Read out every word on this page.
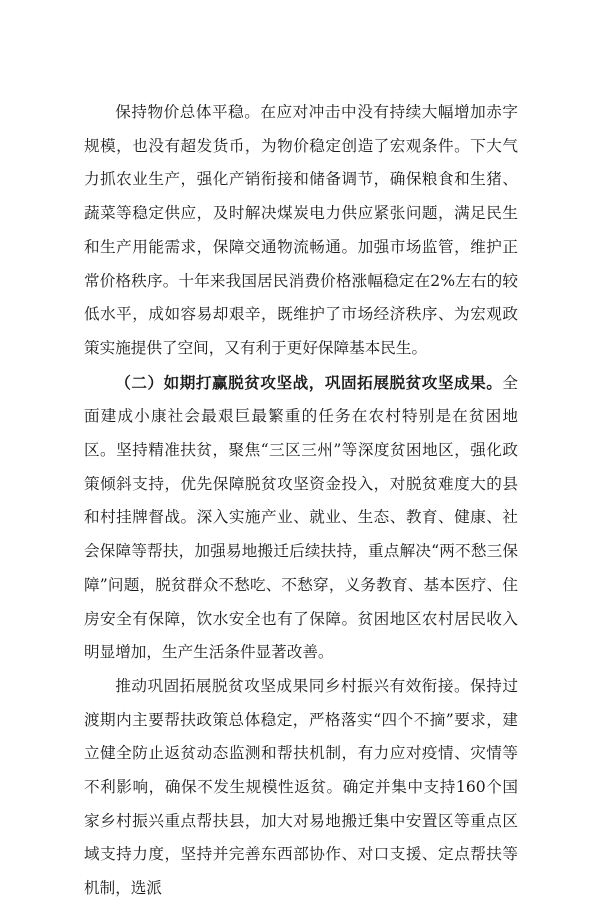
保持物价总体平稳。在应对冲击中没有持续大幅增加赤字规模，也没有超发货币，为物价稳定创造了宏观条件。下大气力抓农业生产，强化产销衔接和储备调节，确保粮食和生猪、蔬菜等稳定供应，及时解决煤炭电力供应紧张问题，满足民生和生产用能需求，保障交通物流畅通。加强市场监管，维护正常价格秩序。十年来我国居民消费价格涨幅稳定在2%左右的较低水平，成如容易却艰辛，既维护了市场经济秩序、为宏观政策实施提供了空间，又有利于更好保障基本民生。

（二）如期打赢脱贫攻坚战，巩固拓展脱贫攻坚成果。全面建成小康社会最艰巨最繁重的任务在农村特别是在贫困地区。坚持精准扶贫，聚焦“三区三州”等深度贫困地区，强化政策倾斜支持，优先保障脱贫攻坚资金投入，对脱贫难度大的县和村挂牌督战。深入实施产业、就业、生态、教育、健康、社会保障等帮扶，加强易地搬迁后续扶持，重点解决“两不愁三保障”问题，脱贫群众不愁吃、不愁穿，义务教育、基本医疗、住房安全有保障，饮水安全也有了保障。贫困地区农村居民收入明显增加，生产生活条件显著改善。

推动巩固拓展脱贫攻坚成果同乡村振兴有效衔接。保持过渡期内主要帮扶政策总体稳定，严格落实“四个不摘”要求，建立健全防止返贫动态监测和帮扶机制，有力应对疫情、灾情等不利影响，确保不发生规模性返贫。确定并集中支持160个国家乡村振兴重点帮扶县，加大对易地搬迁集中安置区等重点区域支持力度，坚持并完善东西部协作、对口支援、定点帮扶等机制，选派
